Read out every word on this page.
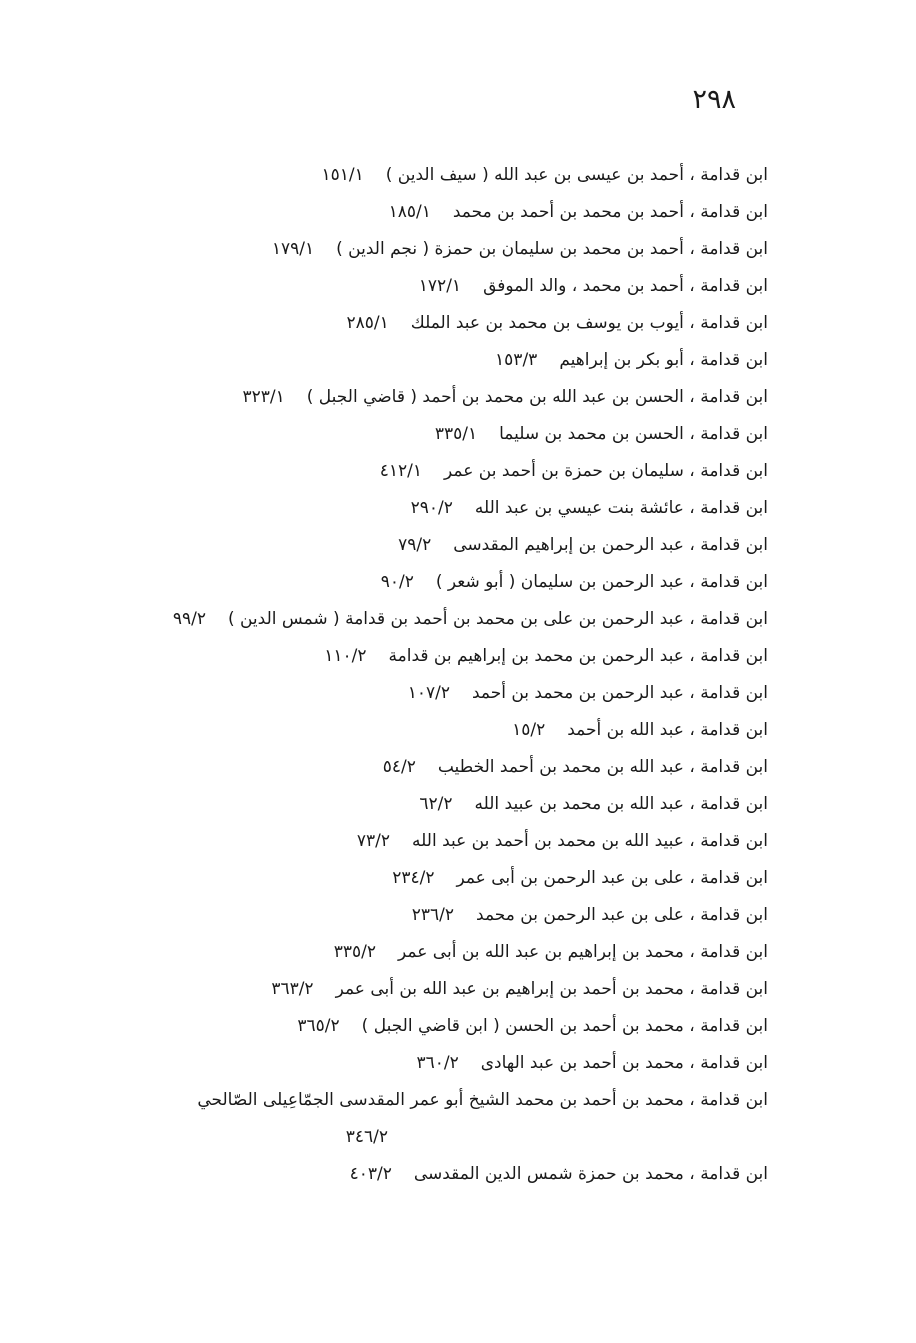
٢٩٨
ابن قدامة ، أحمد بن عيسى بن عبد الله ( سيف الدين )١٥١/١
ابن قدامة ، أحمد بن محمد بن أحمد بن محمد١٨٥/١
ابن قدامة ، أحمد بن محمد بن سليمان بن حمزة ( نجم الدين )١٧٩/١
ابن قدامة ، أحمد بن محمد ، والد الموفق١٧٢/١
ابن قدامة ، أيوب بن يوسف بن محمد بن عبد الملك٢٨٥/١
ابن قدامة ، أبو بكر بن إبراهيم١٥٣/٣
ابن قدامة ، الحسن بن عبد الله بن محمد بن أحمد ( قاضي الجبل )٣٢٣/١
ابن قدامة ، الحسن بن محمد بن سليما٣٣٥/١
ابن قدامة ، سليمان بن حمزة بن أحمد بن عمر٤١٢/١
ابن قدامة ، عائشة بنت عيسي بن عبد الله٢٩٠/٢
ابن قدامة ، عبد الرحمن بن إبراهيم المقدسى٧٩/٢
ابن قدامة ، عبد الرحمن بن سليمان ( أبو شعر )٩٠/٢
ابن قدامة ، عبد الرحمن بن على بن محمد بن أحمد بن قدامة ( شمس الدين )٩٩/٢
ابن قدامة ، عبد الرحمن بن محمد بن إبراهيم بن قدامة١١٠/٢
ابن قدامة ، عبد الرحمن بن محمد بن أحمد١٠٧/٢
ابن قدامة ، عبد الله بن أحمد١٥/٢
ابن قدامة ، عبد الله بن محمد بن أحمد الخطيب٥٤/٢
ابن قدامة ، عبد الله بن محمد بن عبيد الله٦٢/٢
ابن قدامة ، عبيد الله بن محمد بن أحمد بن عبد الله٧٣/٢
ابن قدامة ، على بن عبد الرحمن بن أبى عمر٢٣٤/٢
ابن قدامة ، على بن عبد الرحمن بن محمد٢٣٦/٢
ابن قدامة ، محمد بن إبراهيم بن عبد الله بن أبى عمر٣٣٥/٢
ابن قدامة ، محمد بن أحمد بن إبراهيم بن عبد الله بن أبى عمر٣٦٣/٢
ابن قدامة ، محمد بن أحمد بن الحسن ( ابن قاضي الجبل )٣٦٥/٢
ابن قدامة ، محمد بن أحمد بن عبد الهادى٣٦٠/٢
ابن قدامة ، محمد بن أحمد بن محمد الشيخ أبو عمر المقدسى الجمّاعِيلى الصّالحي
٣٤٦/٢
ابن قدامة ، محمد بن حمزة شمس الدين المقدسى٤٠٣/٢
